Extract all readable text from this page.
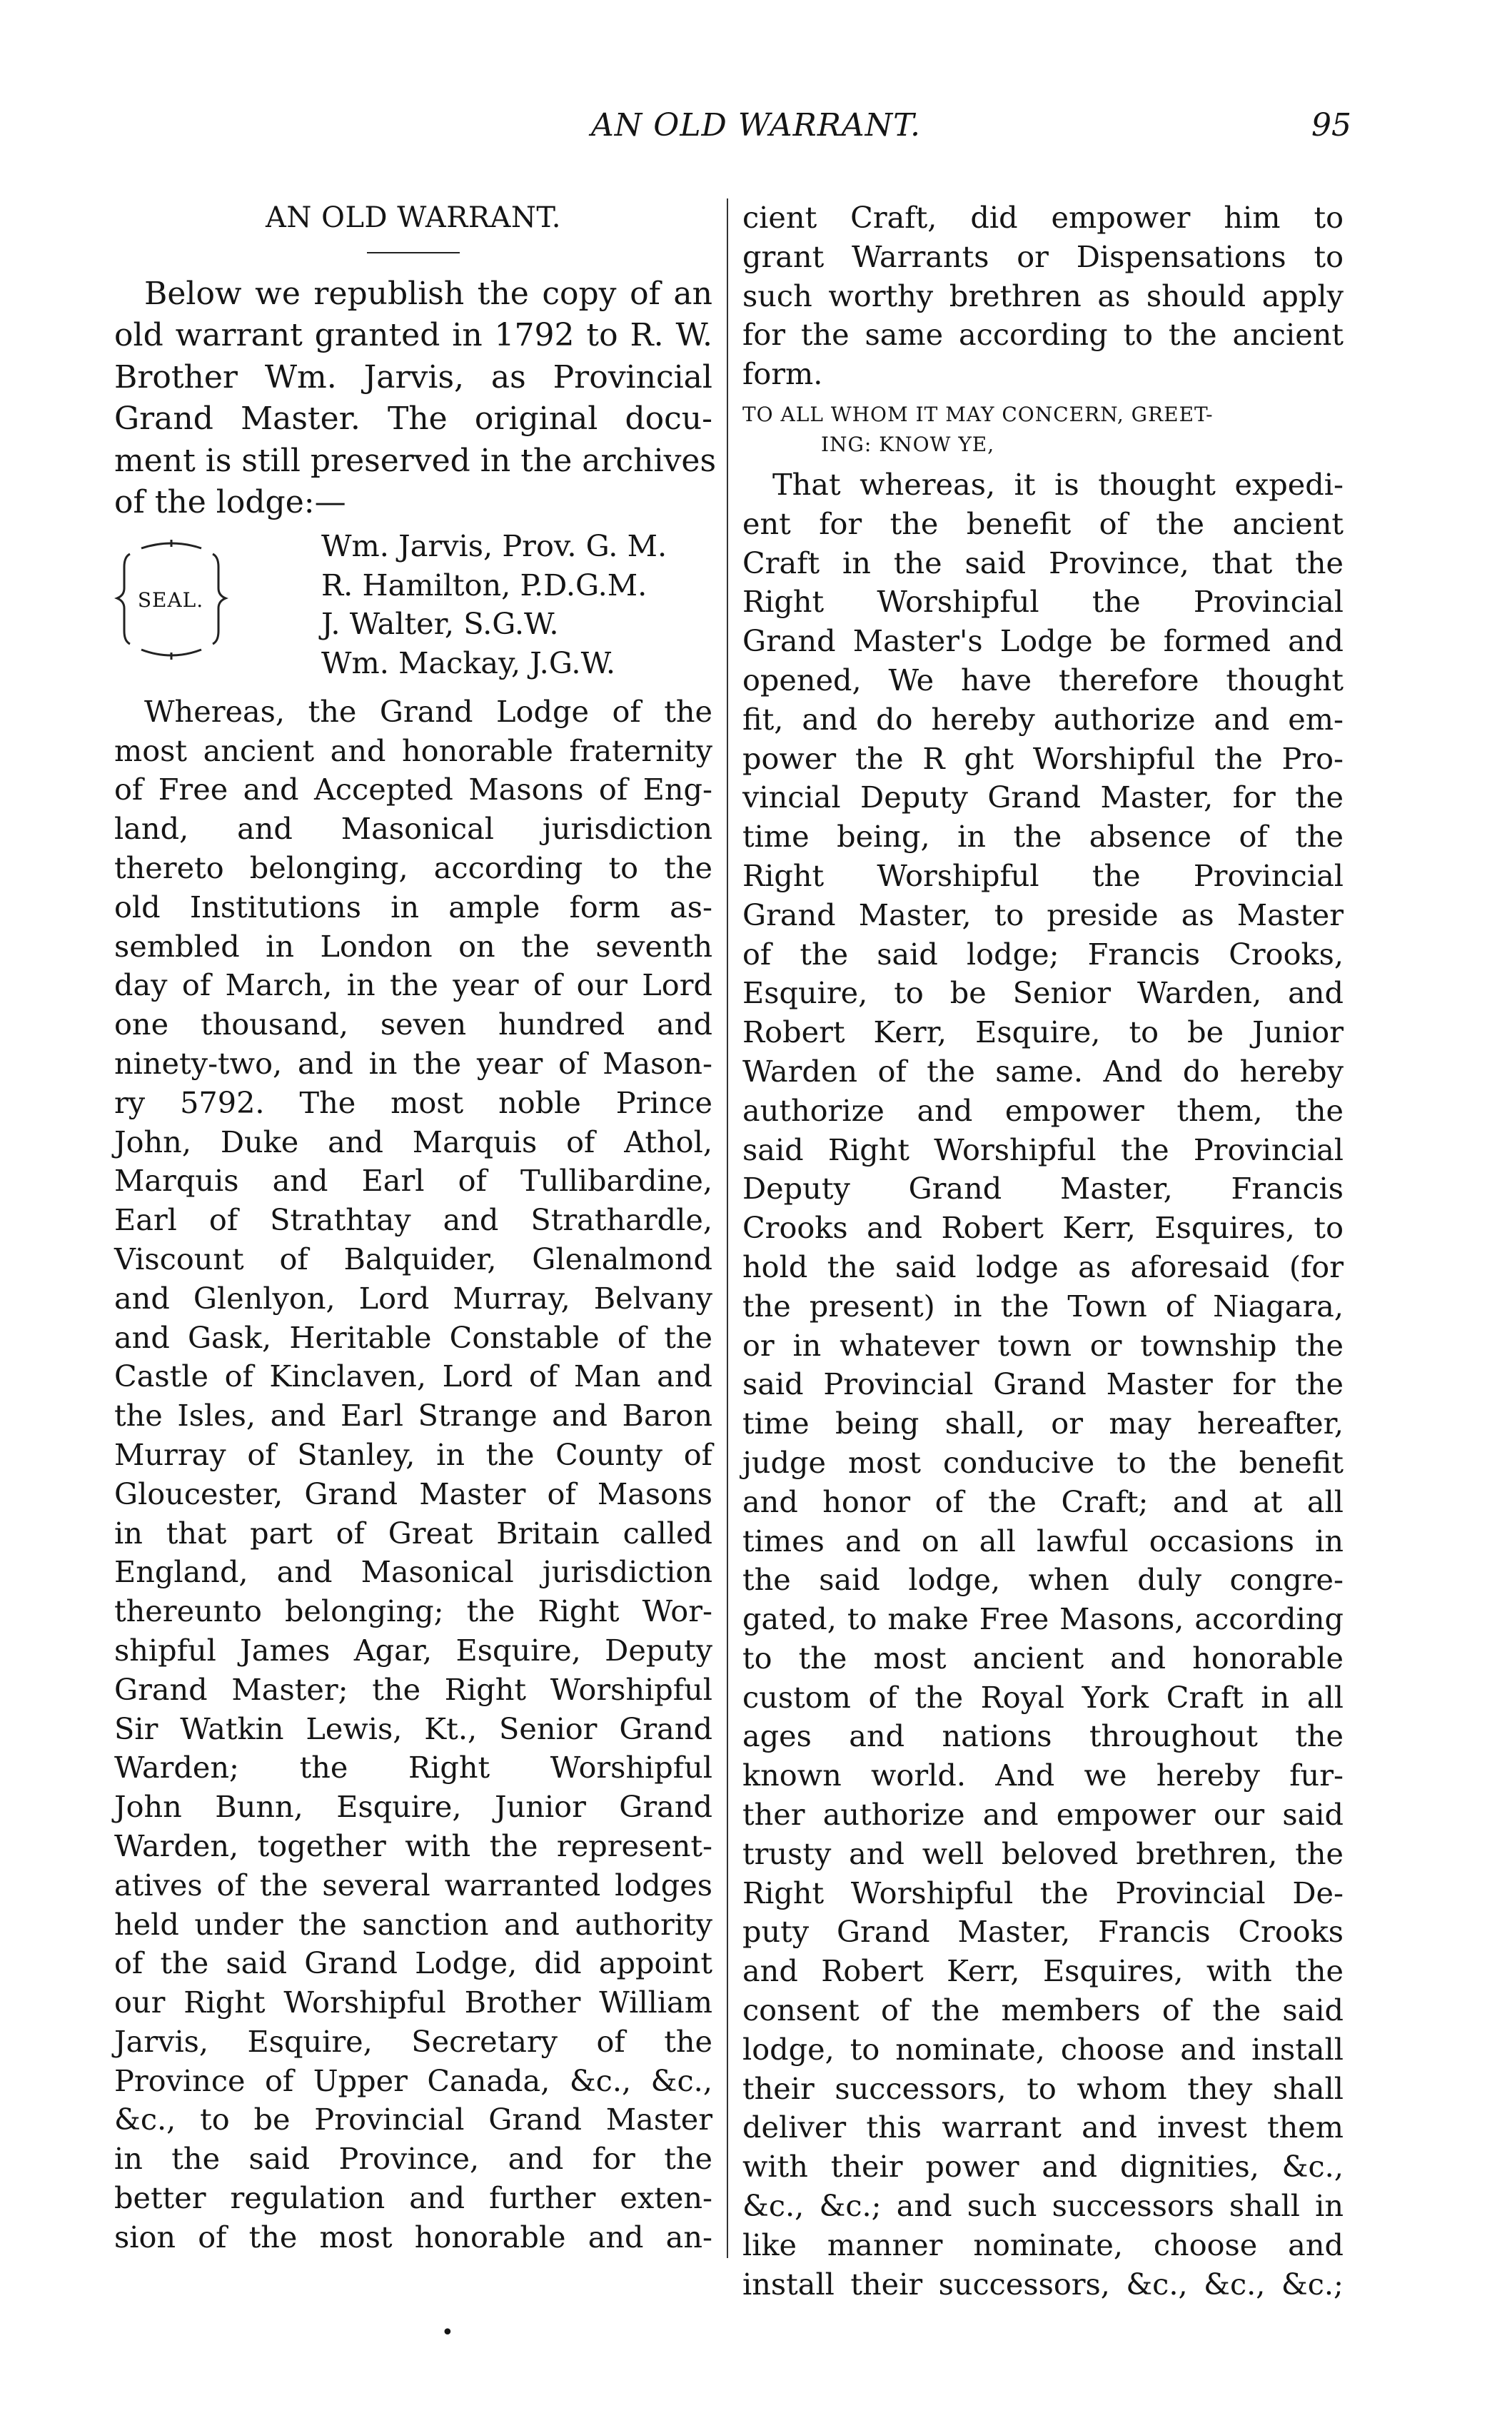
AN OLD WARRANT.	95
AN OLD WARRANT.
Below we republish the copy of an
old warrant granted in 1792 to R. W.
Brother Wm. Jarvis, as Provincial
Grand Master. The original docu-
ment is still preserved in the archives
of the lodge:—
SEAL.
Wm. Jarvis, Prov. G. M.
R. Hamilton, P.D.G.M.
J. Walter, S.G.W.
Wm. Mackay, J.G.W.
Whereas, the Grand Lodge of the
most ancient and honorable fraternity
of Free and Accepted Masons of Eng-
land, and Masonical jurisdiction
thereto belonging, according to the
old Institutions in ample form as-
sembled in London on the seventh
day of March, in the year of our Lord
one thousand, seven hundred and
ninety-two, and in the year of Mason-
ry 5792. The most noble Prince
John, Duke and Marquis of Athol,
Marquis and Earl of Tullibardine,
Earl of Strathtay and Strathardle,
Viscount of Balquider, Glenalmond
and Glenlyon, Lord Murray, Belvany
and Gask, Heritable Constable of the
Castle of Kinclaven, Lord of Man and
the Isles, and Earl Strange and Baron
Murray of Stanley, in the County of
Gloucester, Grand Master of Masons
in that part of Great Britain called
England, and Masonical jurisdiction
thereunto belonging; the Right Wor-
shipful James Agar, Esquire, Deputy
Grand Master; the Right Worshipful
Sir Watkin Lewis, Kt., Senior Grand
Warden; the Right Worshipful
John Bunn, Esquire, Junior Grand
Warden, together with the represent-
atives of the several warranted lodges
held under the sanction and authority
of the said Grand Lodge, did appoint
our Right Worshipful Brother William
Jarvis, Esquire, Secretary of the
Province of Upper Canada, &c., &c.,
&c., to be Provincial Grand Master
in the said Province, and for the
better regulation and further exten-
sion of the most honorable and an-
cient Craft, did empower him to
grant Warrants or Dispensations to
such worthy brethren as should apply
for the same according to the ancient
form.
TO ALL WHOM IT MAY CONCERN, GREET-
ING: KNOW YE,
That whereas, it is thought expedi-
ent for the benefit of the ancient
Craft in the said Province, that the
Right Worshipful the Provincial
Grand Master's Lodge be formed and
opened, We have therefore thought
fit, and do hereby authorize and em-
power the R ght Worshipful the Pro-
vincial Deputy Grand Master, for the
time being, in the absence of the
Right Worshipful the Provincial
Grand Master, to preside as Master
of the said lodge; Francis Crooks,
Esquire, to be Senior Warden, and
Robert Kerr, Esquire, to be Junior
Warden of the same. And do hereby
authorize and empower them, the
said Right Worshipful the Provincial
Deputy Grand Master, Francis
Crooks and Robert Kerr, Esquires, to
hold the said lodge as aforesaid (for
the present) in the Town of Niagara,
or in whatever town or township the
said Provincial Grand Master for the
time being shall, or may hereafter,
judge most conducive to the benefit
and honor of the Craft; and at all
times and on all lawful occasions in
the said lodge, when duly congre-
gated, to make Free Masons, according
to the most ancient and honorable
custom of the Royal York Craft in all
ages and nations throughout the
known world. And we hereby fur-
ther authorize and empower our said
trusty and well beloved brethren, the
Right Worshipful the Provincial De-
puty Grand Master, Francis Crooks
and Robert Kerr, Esquires, with the
consent of the members of the said
lodge, to nominate, choose and install
their successors, to whom they shall
deliver this warrant and invest them
with their power and dignities, &c.,
&c., &c.; and such successors shall in
like manner nominate, choose and
install their successors, &c., &c., &c.;
•
